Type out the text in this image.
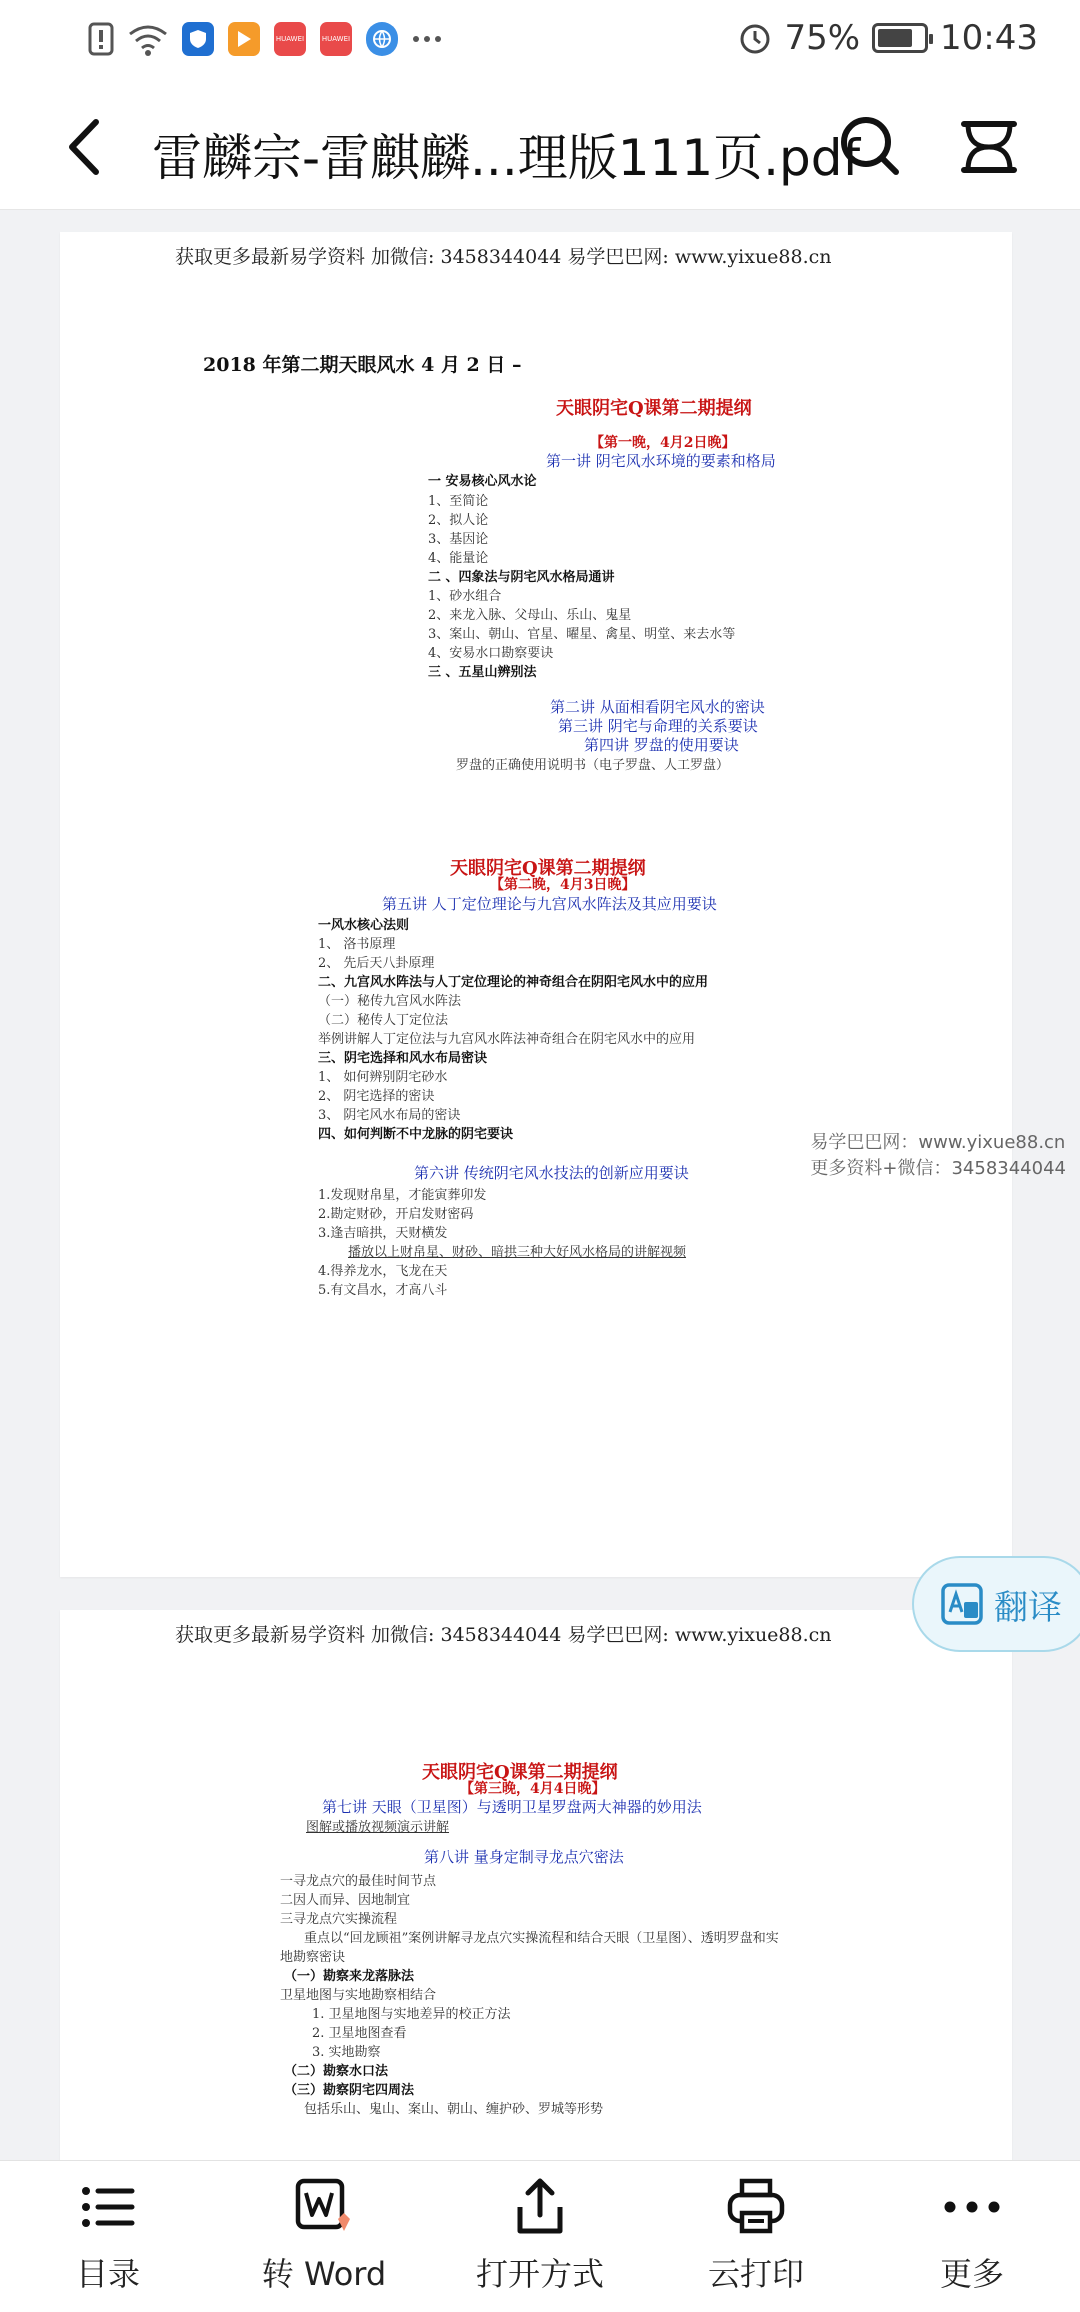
HUAWEI	HUAWEI	75% 10:43
雷麟宗-雷麒麟...理版111页.pdf
获取更多最新易学资料 加微信: 3458344044 易学巴巴网: www.yixue88.cn
2018 年第二期天眼风水 4 月 2 日 –
天眼阴宅Q课第二期提纲
【第一晚，4月2日晚】
第一讲 阴宅风水环境的要素和格局
一 安易核心风水论
1、至简论
2、拟人论
3、基因论
4、能量论
二 、四象法与阴宅风水格局通讲
1、砂水组合
2、来龙入脉、父母山、乐山、鬼星
3、案山、朝山、官星、曜星、禽星、明堂、来去水等
4、安易水口勘察要诀
三 、五星山辨别法
第二讲 从面相看阴宅风水的密诀
第三讲 阴宅与命理的关系要诀
第四讲 罗盘的使用要诀
罗盘的正确使用说明书（电子罗盘、人工罗盘）
天眼阴宅Q课第二期提纲
【第二晚，4月3日晚】
第五讲 人丁定位理论与九宫风水阵法及其应用要诀
一风水核心法则
1、 洛书原理
2、 先后天八卦原理
二、九宫风水阵法与人丁定位理论的神奇组合在阴阳宅风水中的应用
（一）秘传九宫风水阵法
（二）秘传人丁定位法
举例讲解人丁定位法与九宫风水阵法神奇组合在阴宅风水中的应用
三、阴宅选择和风水布局密诀
1、 如何辨别阴宅砂水
2、 阴宅选择的密诀
3、 阴宅风水布局的密诀
四、如何判断不中龙脉的阴宅要诀
第六讲 传统阴宅风水技法的创新应用要诀
1.发现财帛星，才能寅葬卯发
2.勘定财砂，开启发财密码
3.逢吉暗拱，天财横发
播放以上财帛星、财砂、暗拱三种大好风水格局的讲解视频
4.得养龙水，飞龙在天
5.有文昌水，才高八斗
易学巴巴网：www.yixue88.cn
更多资料+微信：3458344044
获取更多最新易学资料 加微信: 3458344044 易学巴巴网: www.yixue88.cn
天眼阴宅Q课第二期提纲
【第三晚，4月4日晚】
第七讲 天眼（卫星图）与透明卫星罗盘两大神器的妙用法
图解或播放视频演示讲解
第八讲 量身定制寻龙点穴密法
一寻龙点穴的最佳时间节点
二因人而异、因地制宜
三寻龙点穴实操流程
重点以“回龙顾祖”案例讲解寻龙点穴实操流程和结合天眼（卫星图）、透明罗盘和实
地勘察密诀
（一）勘察来龙落脉法
卫星地图与实地勘察相结合
1. 卫星地图与实地差异的校正方法
2. 卫星地图查看
3. 实地勘察
（二）勘察水口法
（三）勘察阴宅四周法
包括乐山、鬼山、案山、朝山、缠护砂、罗城等形势
翻译
目录	转 Word	打开方式	云打印	更多
